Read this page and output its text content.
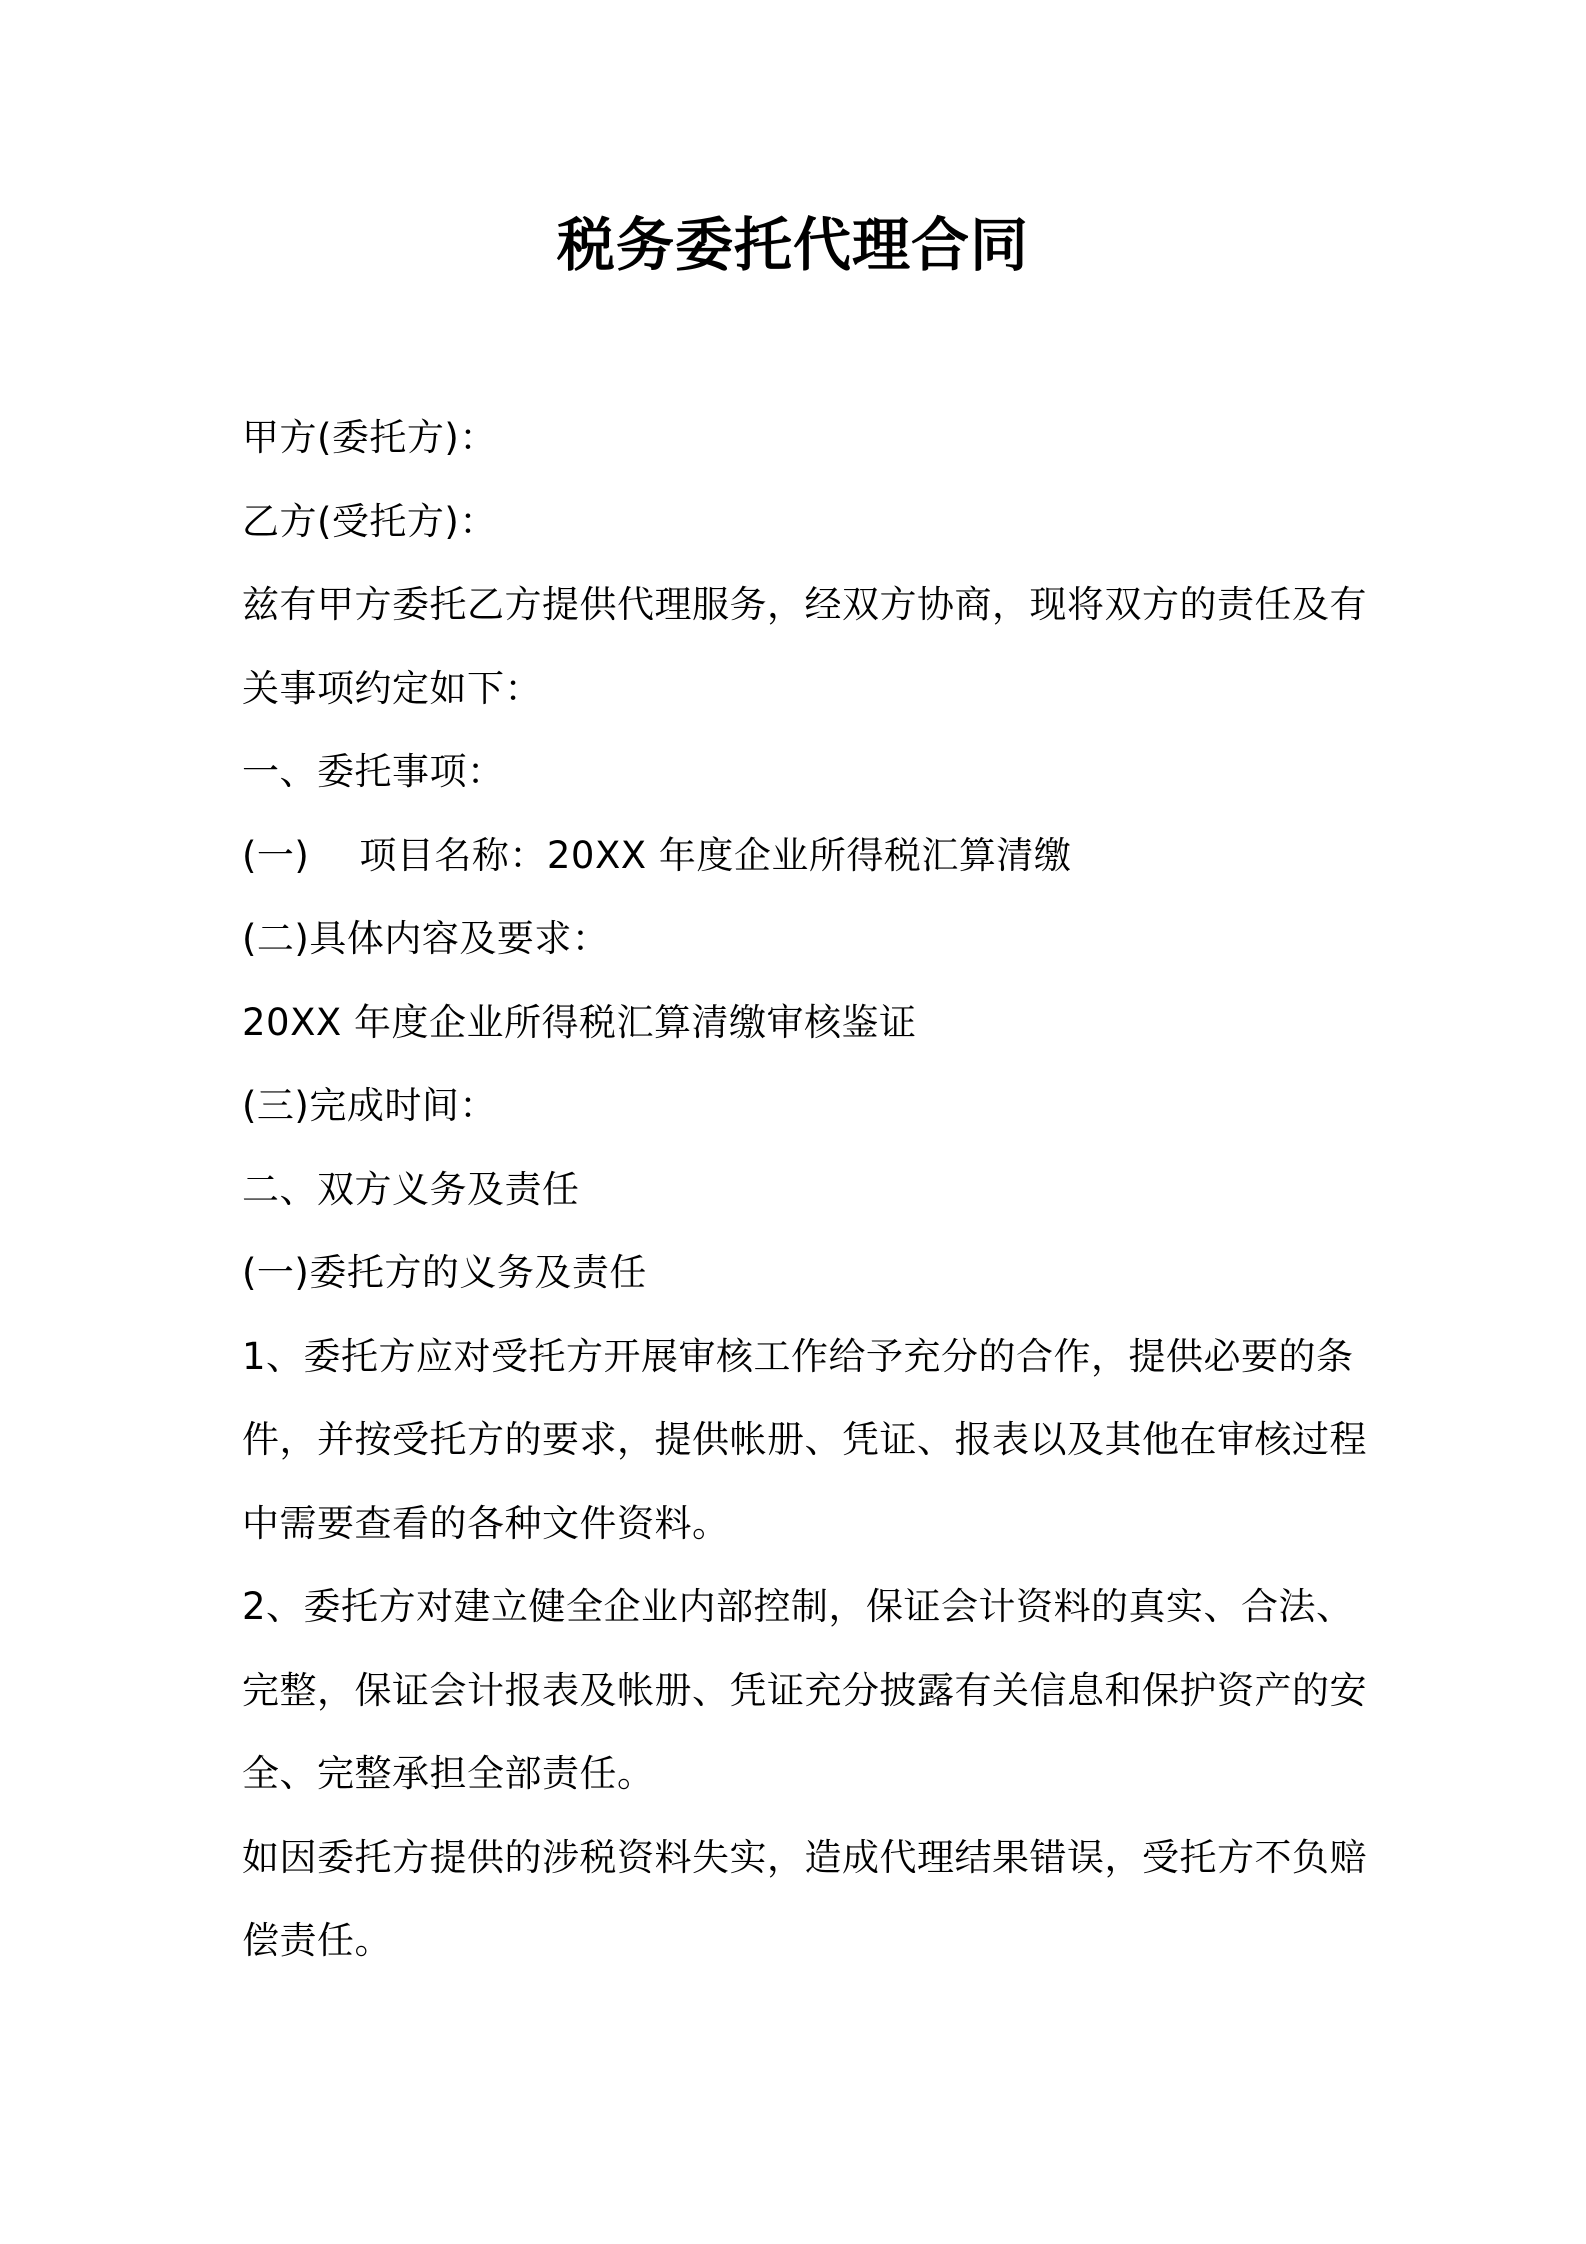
税务委托代理合同
甲方(委托方)：
乙方(受托方)：
兹有甲方委托乙方提供代理服务，经双方协商，现将双方的责任及有
关事项约定如下：
一、委托事项：
(一) 项目名称：20XX 年度企业所得税汇算清缴
(二)具体内容及要求：
20XX 年度企业所得税汇算清缴审核鉴证
(三)完成时间：
二、双方义务及责任
(一)委托方的义务及责任
1、委托方应对受托方开展审核工作给予充分的合作，提供必要的条
件，并按受托方的要求，提供帐册、凭证、报表以及其他在审核过程
中需要查看的各种文件资料。
2、委托方对建立健全企业内部控制，保证会计资料的真实、合法、
完整，保证会计报表及帐册、凭证充分披露有关信息和保护资产的安
全、完整承担全部责任。
如因委托方提供的涉税资料失实，造成代理结果错误，受托方不负赔
偿责任。
